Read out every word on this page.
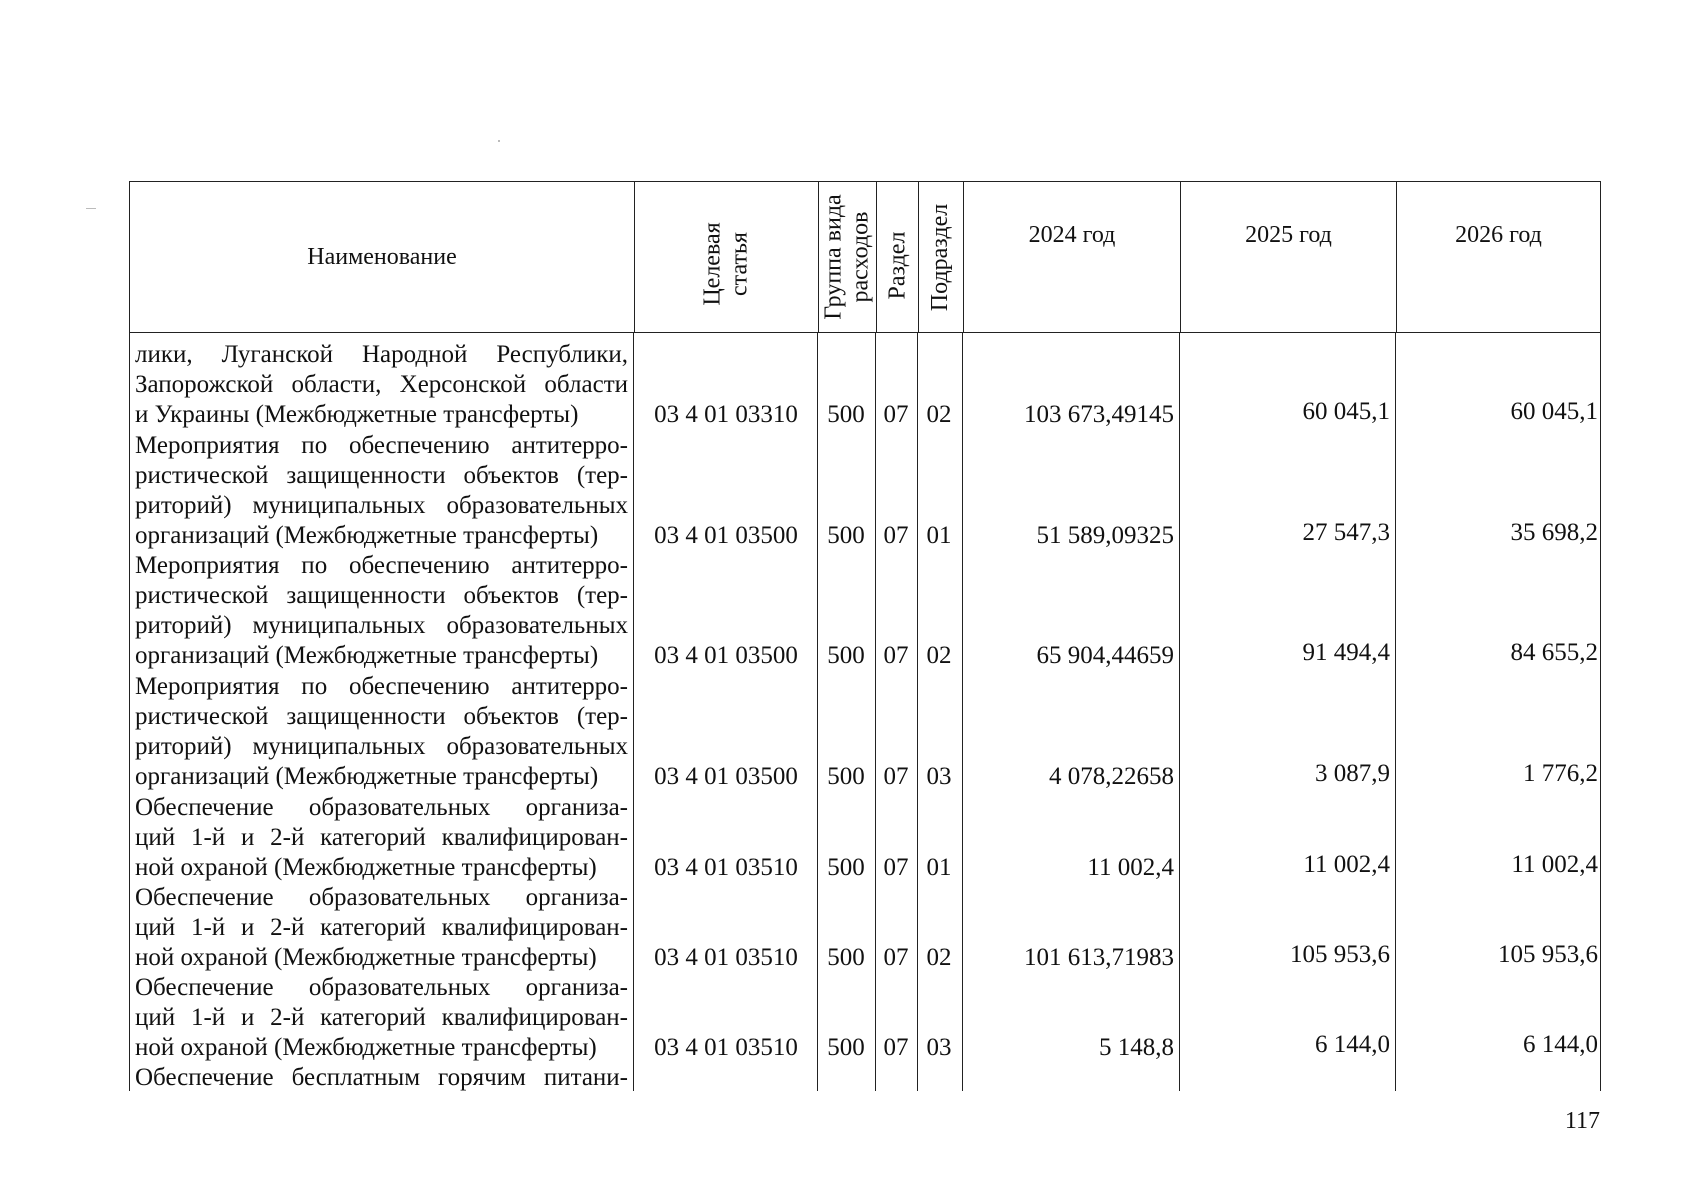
Наименование	Целевая статья	Группа вида расходов Раздел Подраздел	2024 год	2025 год	2026 год
лики, Луганской Народной Республики,
Запорожской области, Херсонской области
и Украины (Межбюджетные трансферты)	03 4 01 03310	500 07 02	103 673,49145	60 045,1	60 045,1
Мероприятия по обеспечению антитерро-
ристической защищенности объектов (тер-
риторий) муниципальных образовательных
организаций (Межбюджетные трансферты)	03 4 01 03500	500 07 01	51 589,09325	27 547,3	35 698,2
Мероприятия по обеспечению антитерро-
ристической защищенности объектов (тер-
риторий) муниципальных образовательных
организаций (Межбюджетные трансферты)	03 4 01 03500	500 07 02	65 904,44659	91 494,4	84 655,2
Мероприятия по обеспечению антитерро-
ристической защищенности объектов (тер-
риторий) муниципальных образовательных
организаций (Межбюджетные трансферты)	03 4 01 03500	500 07 03	4 078,22658	3 087,9	1 776,2
Обеспечение образовательных организа-
ций 1-й и 2-й категорий квалифицирован-
ной охраной (Межбюджетные трансферты)	03 4 01 03510	500 07 01	11 002,4	11 002,4	11 002,4
Обеспечение образовательных организа-
ций 1-й и 2-й категорий квалифицирован-
ной охраной (Межбюджетные трансферты)	03 4 01 03510	500 07 02	101 613,71983	105 953,6	105 953,6
Обеспечение образовательных организа-
ций 1-й и 2-й категорий квалифицирован-
ной охраной (Межбюджетные трансферты)	03 4 01 03510	500 07 03	5 148,8	6 144,0	6 144,0
Обеспечение бесплатным горячим питани-
117
